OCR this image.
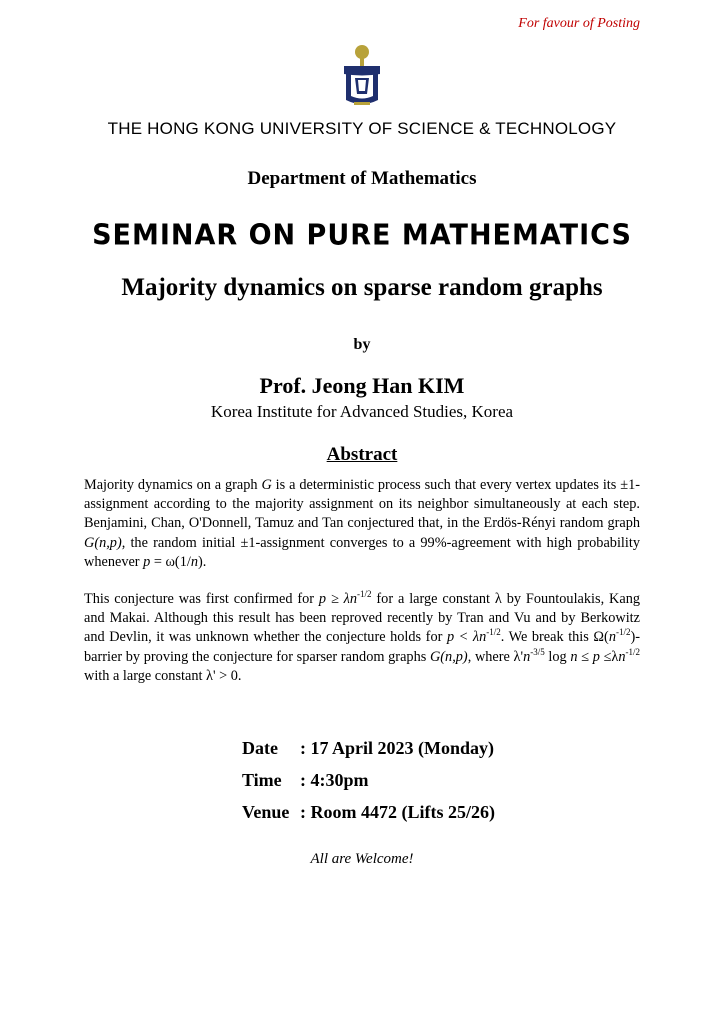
For favour of Posting
THE HONG KONG UNIVERSITY OF SCIENCE & TECHNOLOGY
Department of Mathematics
SEMINAR ON PURE MATHEMATICS
Majority dynamics on sparse random graphs
by
Prof. Jeong Han KIM
Korea Institute for Advanced Studies, Korea
Abstract
Majority dynamics on a graph G is a deterministic process such that every vertex updates its ±1-assignment according to the majority assignment on its neighbor simultaneously at each step. Benjamini, Chan, O'Donnell, Tamuz and Tan conjectured that, in the Erdös-Rényi random graph G(n,p), the random initial ±1-assignment converges to a 99%-agreement with high probability whenever p = ω(1/n).
This conjecture was first confirmed for $p \ge \lambda n^{-1/2}$ for a large constant λ by Fountoulakis, Kang and Makai. Although this result has been reproved recently by Tran and Vu and by Berkowitz and Devlin, it was unknown whether the conjecture holds for $p < \lambda n^{-1/2}$. We break this $\Omega(n^{-1/2})$-barrier by proving the conjecture for sparser random graphs G(n,p), where $\lambda'n^{-3/5}$ $\log n \le p \le\lambda n^{-1/2}$ with a large constant λ' > 0.
Date	: 17 April 2023 (Monday)
Time	: 4:30pm
Venue : Room 4472 (Lifts 25/26)
All are Welcome!
